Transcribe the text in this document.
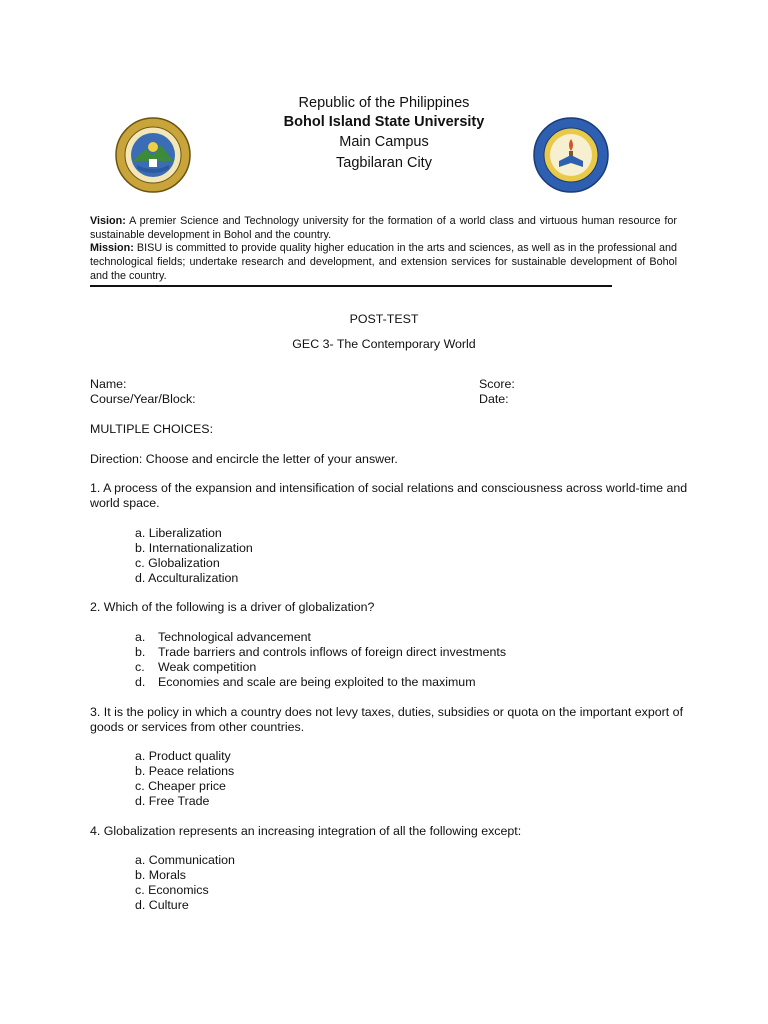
Republic of the Philippines
Bohol Island State University
Main Campus
Tagbilaran City
Vision: A premier Science and Technology university for the formation of a world class and virtuous human resource for sustainable development in Bohol and the country.
Mission: BISU is committed to provide quality higher education in the arts and sciences, as well as in the professional and technological fields; undertake research and development, and extension services for sustainable development of Bohol and the country.
POST-TEST
GEC 3- The Contemporary World
Name:
Course/Year/Block:
Score:
Date:
MULTIPLE CHOICES:
Direction: Choose and encircle the letter of your answer.
1. A process of the expansion and intensification of social relations and consciousness across world-time and world space.
a. Liberalization
b. Internationalization
c. Globalization
d. Acculturalization
2. Which of the following is a driver of globalization?
a.	Technological advancement
b.	Trade barriers and controls inflows of foreign direct investments
c.	Weak competition
d.	Economies and scale are being exploited to the maximum
3. It is the policy in which a country does not levy taxes, duties, subsidies or quota on the important export of goods or services from other countries.
a. Product quality
b. Peace relations
c. Cheaper price
d. Free Trade
4. Globalization represents an increasing integration of all the following except:
a. Communication
b. Morals
c. Economics
d. Culture
